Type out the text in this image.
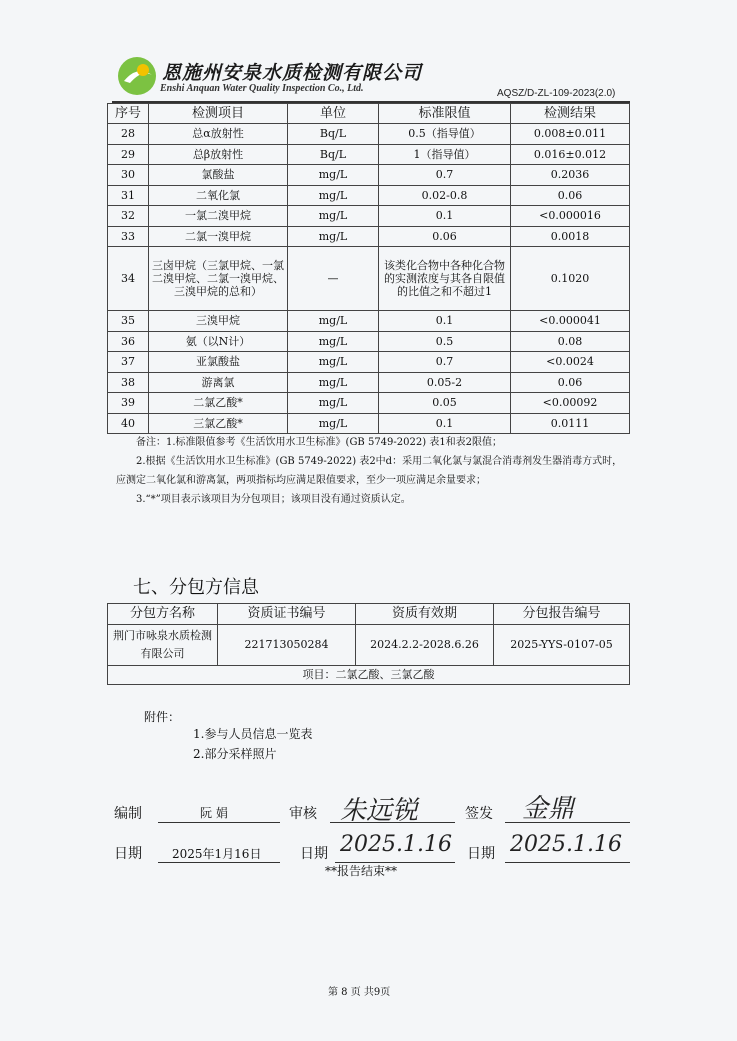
恩施州安泉水质检测有限公司
Enshi Anquan Water Quality Inspection Co., Ltd.	AQSZ/D-ZL-109-2023(2.0)
序号	检测项目	单位	标准限值	检测结果
28	总α放射性	Bq/L	0.5（指导值）	0.008±0.011
29	总β放射性	Bq/L	1（指导值）	0.016±0.012
30	氯酸盐	mg/L	0.7	0.2036
31	二氧化氯	mg/L	0.02-0.8	0.06
32	一氯二溴甲烷	mg/L	0.1	<0.000016
33	二氯一溴甲烷	mg/L	0.06	0.0018
34	三卤甲烷（三氯甲烷、一氯二溴甲烷、二氯一溴甲烷、三溴甲烷的总和）	—	该类化合物中各种化合物的实测浓度与其各自限值的比值之和不超过1	0.1020
35	三溴甲烷	mg/L	0.1	<0.000041
36	氨（以N计）	mg/L	0.5	0.08
37	亚氯酸盐	mg/L	0.7	<0.0024
38	游离氯	mg/L	0.05-2	0.06
39	二氯乙酸*	mg/L	0.05	<0.00092
40	三氯乙酸*	mg/L	0.1	0.0111

备注：1.标准限值参考《生活饮用水卫生标准》(GB 5749-2022) 表1和表2限值；

2.根据《生活饮用水卫生标准》(GB 5749-2022) 表2中d：采用二氧化氯与氯混合消毒剂发生器消毒方式时，应测定二氧化氯和游离氯，两项指标均应满足限值要求，至少一项应满足余量要求；

3.“*”项目表示该项目为分包项目；该项目没有通过资质认定。

七、分包方信息
分包方名称	资质证书编号	资质有效期	分包报告编号
荆门市咏泉水质检测有限公司	221713050284	2024.2.2-2028.6.26	2025-YYS-0107-05
项目：二氯乙酸、三氯乙酸			
附件：
1.参与人员信息一览表
2.部分采样照片
编制	阮 娟	审核 朱远锐	签发 金鼎
日期	2025年1月16日	日期 2025.1.16 日期 2025.1.16
**报告结束**
第 8 页 共9页
